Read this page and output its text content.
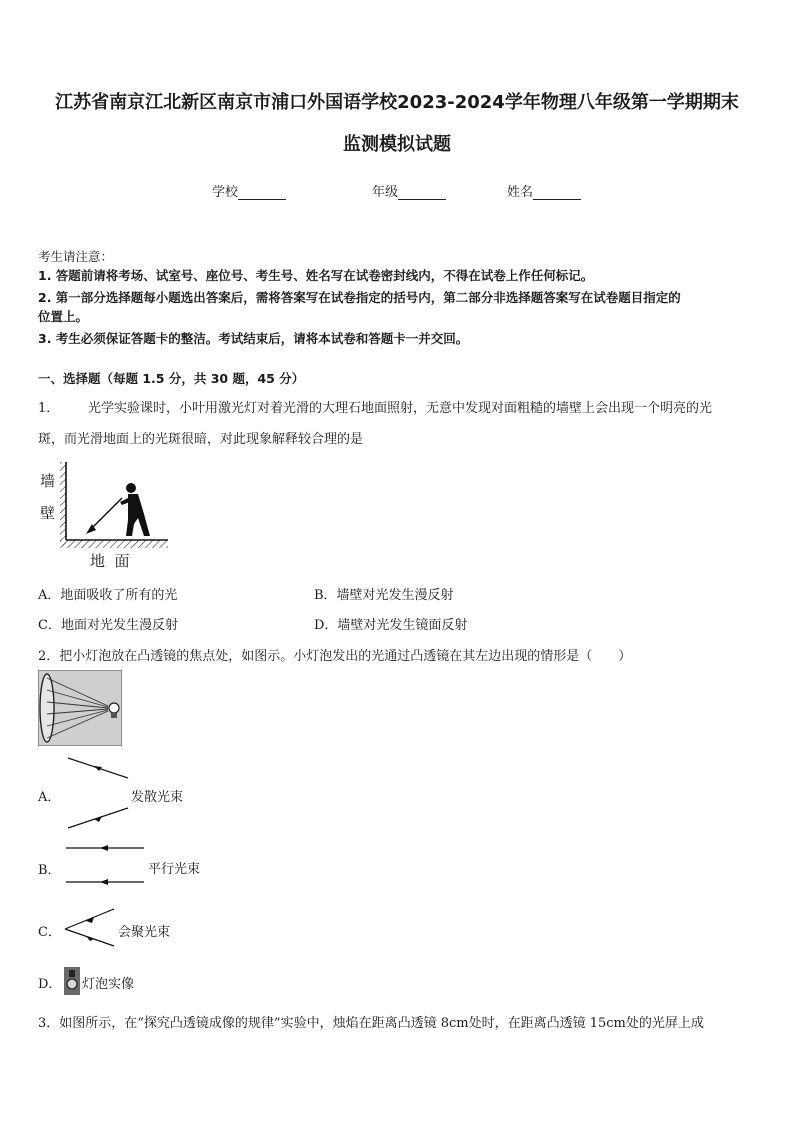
江苏省南京江北新区南京市浦口外国语学校2023-2024学年物理八年级第一学期期末
监测模拟试题
学校	年级	姓名
考生请注意：
1. 答题前请将考场、试室号、座位号、考生号、姓名写在试卷密封线内，不得在试卷上作任何标记。
2. 第一部分选择题每小题选出答案后，需将答案写在试卷指定的括号内，第二部分非选择题答案写在试卷题目指定的
位置上。
3. 考生必须保证答题卡的整洁。考试结束后，请将本试卷和答题卡一并交回。
一、选择题（每题 1.5 分，共 30 题，45 分）
1． 光学实验课时，小叶用激光灯对着光滑的大理石地面照射，无意中发现对面粗糙的墙壁上会出现一个明亮的光
斑，而光滑地面上的光斑很暗，对此现象解释较合理的是
墙
壁
地  面
A．地面吸收了所有的光	B．墙壁对光发生漫反射
C．地面对光发生漫反射	D．墙壁对光发生镜面反射
2．把小灯泡放在凸透镜的焦点处，如图示。小灯泡发出的光通过凸透镜在其左边出现的情形是（　　）
A．	发散光束
B．	平行光束
C．	会聚光束
D． 灯泡实像
3．如图所示，在“探究凸透镜成像的规律”实验中，烛焰在距离凸透镜 8cm处时，在距离凸透镜 15cm处的光屏上成
